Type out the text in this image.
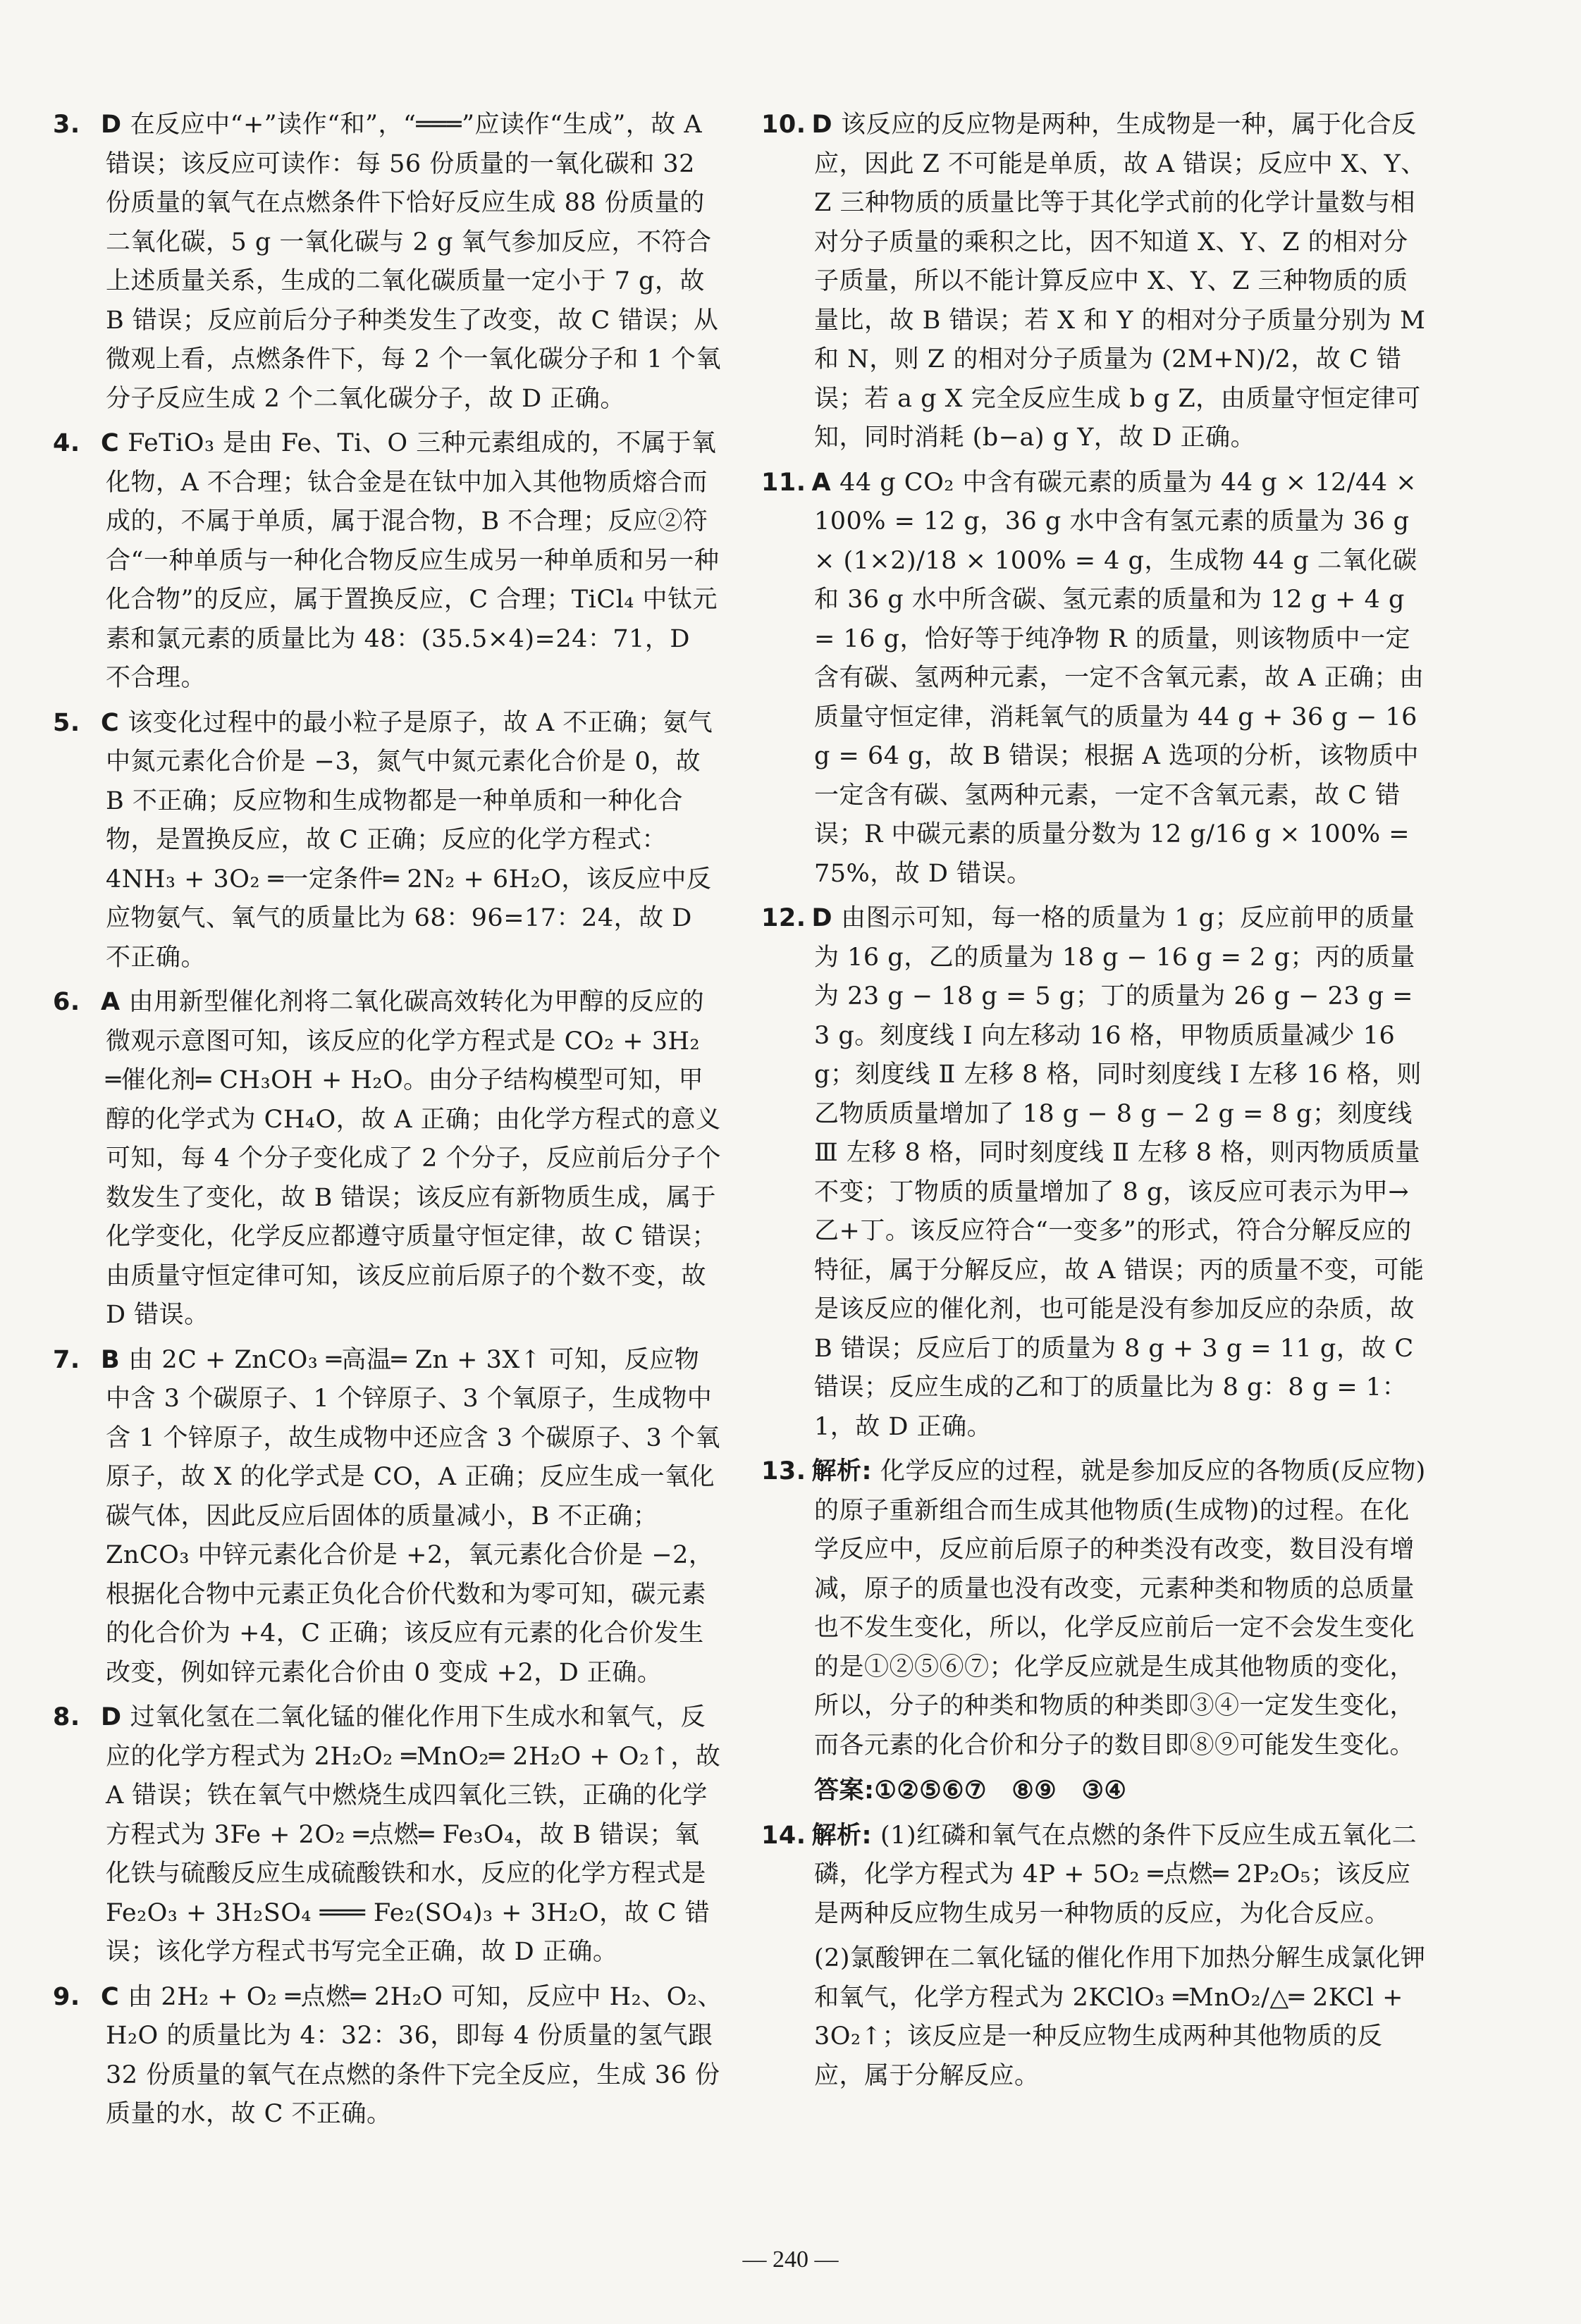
3. D 在反应中“+”读作“和”，“═══”应读作“生成”，故 A 错误；该反应可读作：每 56 份质量的一氧化碳和 32 份质量的氧气在点燃条件下恰好反应生成 88 份质量的二氧化碳，5 g 一氧化碳与 2 g 氧气参加反应，不符合上述质量关系，生成的二氧化碳质量一定小于 7 g，故 B 错误；反应前后分子种类发生了改变，故 C 错误；从微观上看，点燃条件下，每 2 个一氧化碳分子和 1 个氧分子反应生成 2 个二氧化碳分子，故 D 正确。
4. C FeTiO₃ 是由 Fe、Ti、O 三种元素组成的，不属于氧化物，A 不合理；钛合金是在钛中加入其他物质熔合而成的，不属于单质，属于混合物，B 不合理；反应②符合“一种单质与一种化合物反应生成另一种单质和另一种化合物”的反应，属于置换反应，C 合理；TiCl₄ 中钛元素和氯元素的质量比为 48：(35.5×4)=24：71，D 不合理。
5. C 该变化过程中的最小粒子是原子，故 A 不正确；氨气中氮元素化合价是 −3，氮气中氮元素化合价是 0，故 B 不正确；反应物和生成物都是一种单质和一种化合物，是置换反应，故 C 正确；反应的化学方程式：4NH₃ + 3O₂ ═一定条件═ 2N₂ + 6H₂O，该反应中反应物氨气、氧气的质量比为 68：96=17：24，故 D 不正确。
6. A 由用新型催化剂将二氧化碳高效转化为甲醇的反应的微观示意图可知，该反应的化学方程式是 CO₂ + 3H₂ ═催化剂═ CH₃OH + H₂O。由分子结构模型可知，甲醇的化学式为 CH₄O，故 A 正确；由化学方程式的意义可知，每 4 个分子变化成了 2 个分子，反应前后分子个数发生了变化，故 B 错误；该反应有新物质生成，属于化学变化，化学反应都遵守质量守恒定律，故 C 错误；由质量守恒定律可知，该反应前后原子的个数不变，故 D 错误。
7. B 由 2C + ZnCO₃ ═高温═ Zn + 3X↑ 可知，反应物中含 3 个碳原子、1 个锌原子、3 个氧原子，生成物中含 1 个锌原子，故生成物中还应含 3 个碳原子、3 个氧原子，故 X 的化学式是 CO，A 正确；反应生成一氧化碳气体，因此反应后固体的质量减小，B 不正确；ZnCO₃ 中锌元素化合价是 +2，氧元素化合价是 −2，根据化合物中元素正负化合价代数和为零可知，碳元素的化合价为 +4，C 正确；该反应有元素的化合价发生改变，例如锌元素化合价由 0 变成 +2，D 正确。
8. D 过氧化氢在二氧化锰的催化作用下生成水和氧气，反应的化学方程式为 2H₂O₂ ═MnO₂═ 2H₂O + O₂↑，故 A 错误；铁在氧气中燃烧生成四氧化三铁，正确的化学方程式为 3Fe + 2O₂ ═点燃═ Fe₃O₄，故 B 错误；氧化铁与硫酸反应生成硫酸铁和水，反应的化学方程式是 Fe₂O₃ + 3H₂SO₄ ═══ Fe₂(SO₄)₃ + 3H₂O，故 C 错误；该化学方程式书写完全正确，故 D 正确。
9. C 由 2H₂ + O₂ ═点燃═ 2H₂O 可知，反应中 H₂、O₂、H₂O 的质量比为 4：32：36，即每 4 份质量的氢气跟 32 份质量的氧气在点燃的条件下完全反应，生成 36 份质量的水，故 C 不正确。
10. D 该反应的反应物是两种，生成物是一种，属于化合反应，因此 Z 不可能是单质，故 A 错误；反应中 X、Y、Z 三种物质的质量比等于其化学式前的化学计量数与相对分子质量的乘积之比，因不知道 X、Y、Z 的相对分子质量，所以不能计算反应中 X、Y、Z 三种物质的质量比，故 B 错误；若 X 和 Y 的相对分子质量分别为 M 和 N，则 Z 的相对分子质量为 (2M+N)/2，故 C 错误；若 a g X 完全反应生成 b g Z，由质量守恒定律可知，同时消耗 (b−a) g Y，故 D 正确。
11. A 44 g CO₂ 中含有碳元素的质量为 44 g × 12/44 × 100% = 12 g，36 g 水中含有氢元素的质量为 36 g × (1×2)/18 × 100% = 4 g，生成物 44 g 二氧化碳和 36 g 水中所含碳、氢元素的质量和为 12 g + 4 g = 16 g，恰好等于纯净物 R 的质量，则该物质中一定含有碳、氢两种元素，一定不含氧元素，故 A 正确；由质量守恒定律，消耗氧气的质量为 44 g + 36 g − 16 g = 64 g，故 B 错误；根据 A 选项的分析，该物质中一定含有碳、氢两种元素，一定不含氧元素，故 C 错误；R 中碳元素的质量分数为 12 g/16 g × 100% = 75%，故 D 错误。
12. D 由图示可知，每一格的质量为 1 g；反应前甲的质量为 16 g，乙的质量为 18 g − 16 g = 2 g；丙的质量为 23 g − 18 g = 5 g；丁的质量为 26 g − 23 g = 3 g。刻度线 Ⅰ 向左移动 16 格，甲物质质量减少 16 g；刻度线 Ⅱ 左移 8 格，同时刻度线 Ⅰ 左移 16 格，则乙物质质量增加了 18 g − 8 g − 2 g = 8 g；刻度线 Ⅲ 左移 8 格，同时刻度线 Ⅱ 左移 8 格，则丙物质质量不变；丁物质的质量增加了 8 g，该反应可表示为甲→乙+丁。该反应符合“一变多”的形式，符合分解反应的特征，属于分解反应，故 A 错误；丙的质量不变，可能是该反应的催化剂，也可能是没有参加反应的杂质，故 B 错误；反应后丁的质量为 8 g + 3 g = 11 g，故 C 错误；反应生成的乙和丁的质量比为 8 g：8 g = 1：1，故 D 正确。
13. 解析: 化学反应的过程，就是参加反应的各物质(反应物)的原子重新组合而生成其他物质(生成物)的过程。在化学反应中，反应前后原子的种类没有改变，数目没有增减，原子的质量也没有改变，元素种类和物质的总质量也不发生变化，所以，化学反应前后一定不会发生变化的是①②⑤⑥⑦；化学反应就是生成其他物质的变化，所以，分子的种类和物质的种类即③④一定发生变化，而各元素的化合价和分子的数目即⑧⑨可能发生变化。
答案:①②⑤⑥⑦　⑧⑨　③④
14. 解析: (1)红磷和氧气在点燃的条件下反应生成五氧化二磷，化学方程式为 4P + 5O₂ ═点燃═ 2P₂O₅；该反应是两种反应物生成另一种物质的反应，为化合反应。
(2)氯酸钾在二氧化锰的催化作用下加热分解生成氯化钾和氧气，化学方程式为 2KClO₃ ═MnO₂/△═ 2KCl + 3O₂↑；该反应是一种反应物生成两种其他物质的反应，属于分解反应。
— 240 —
